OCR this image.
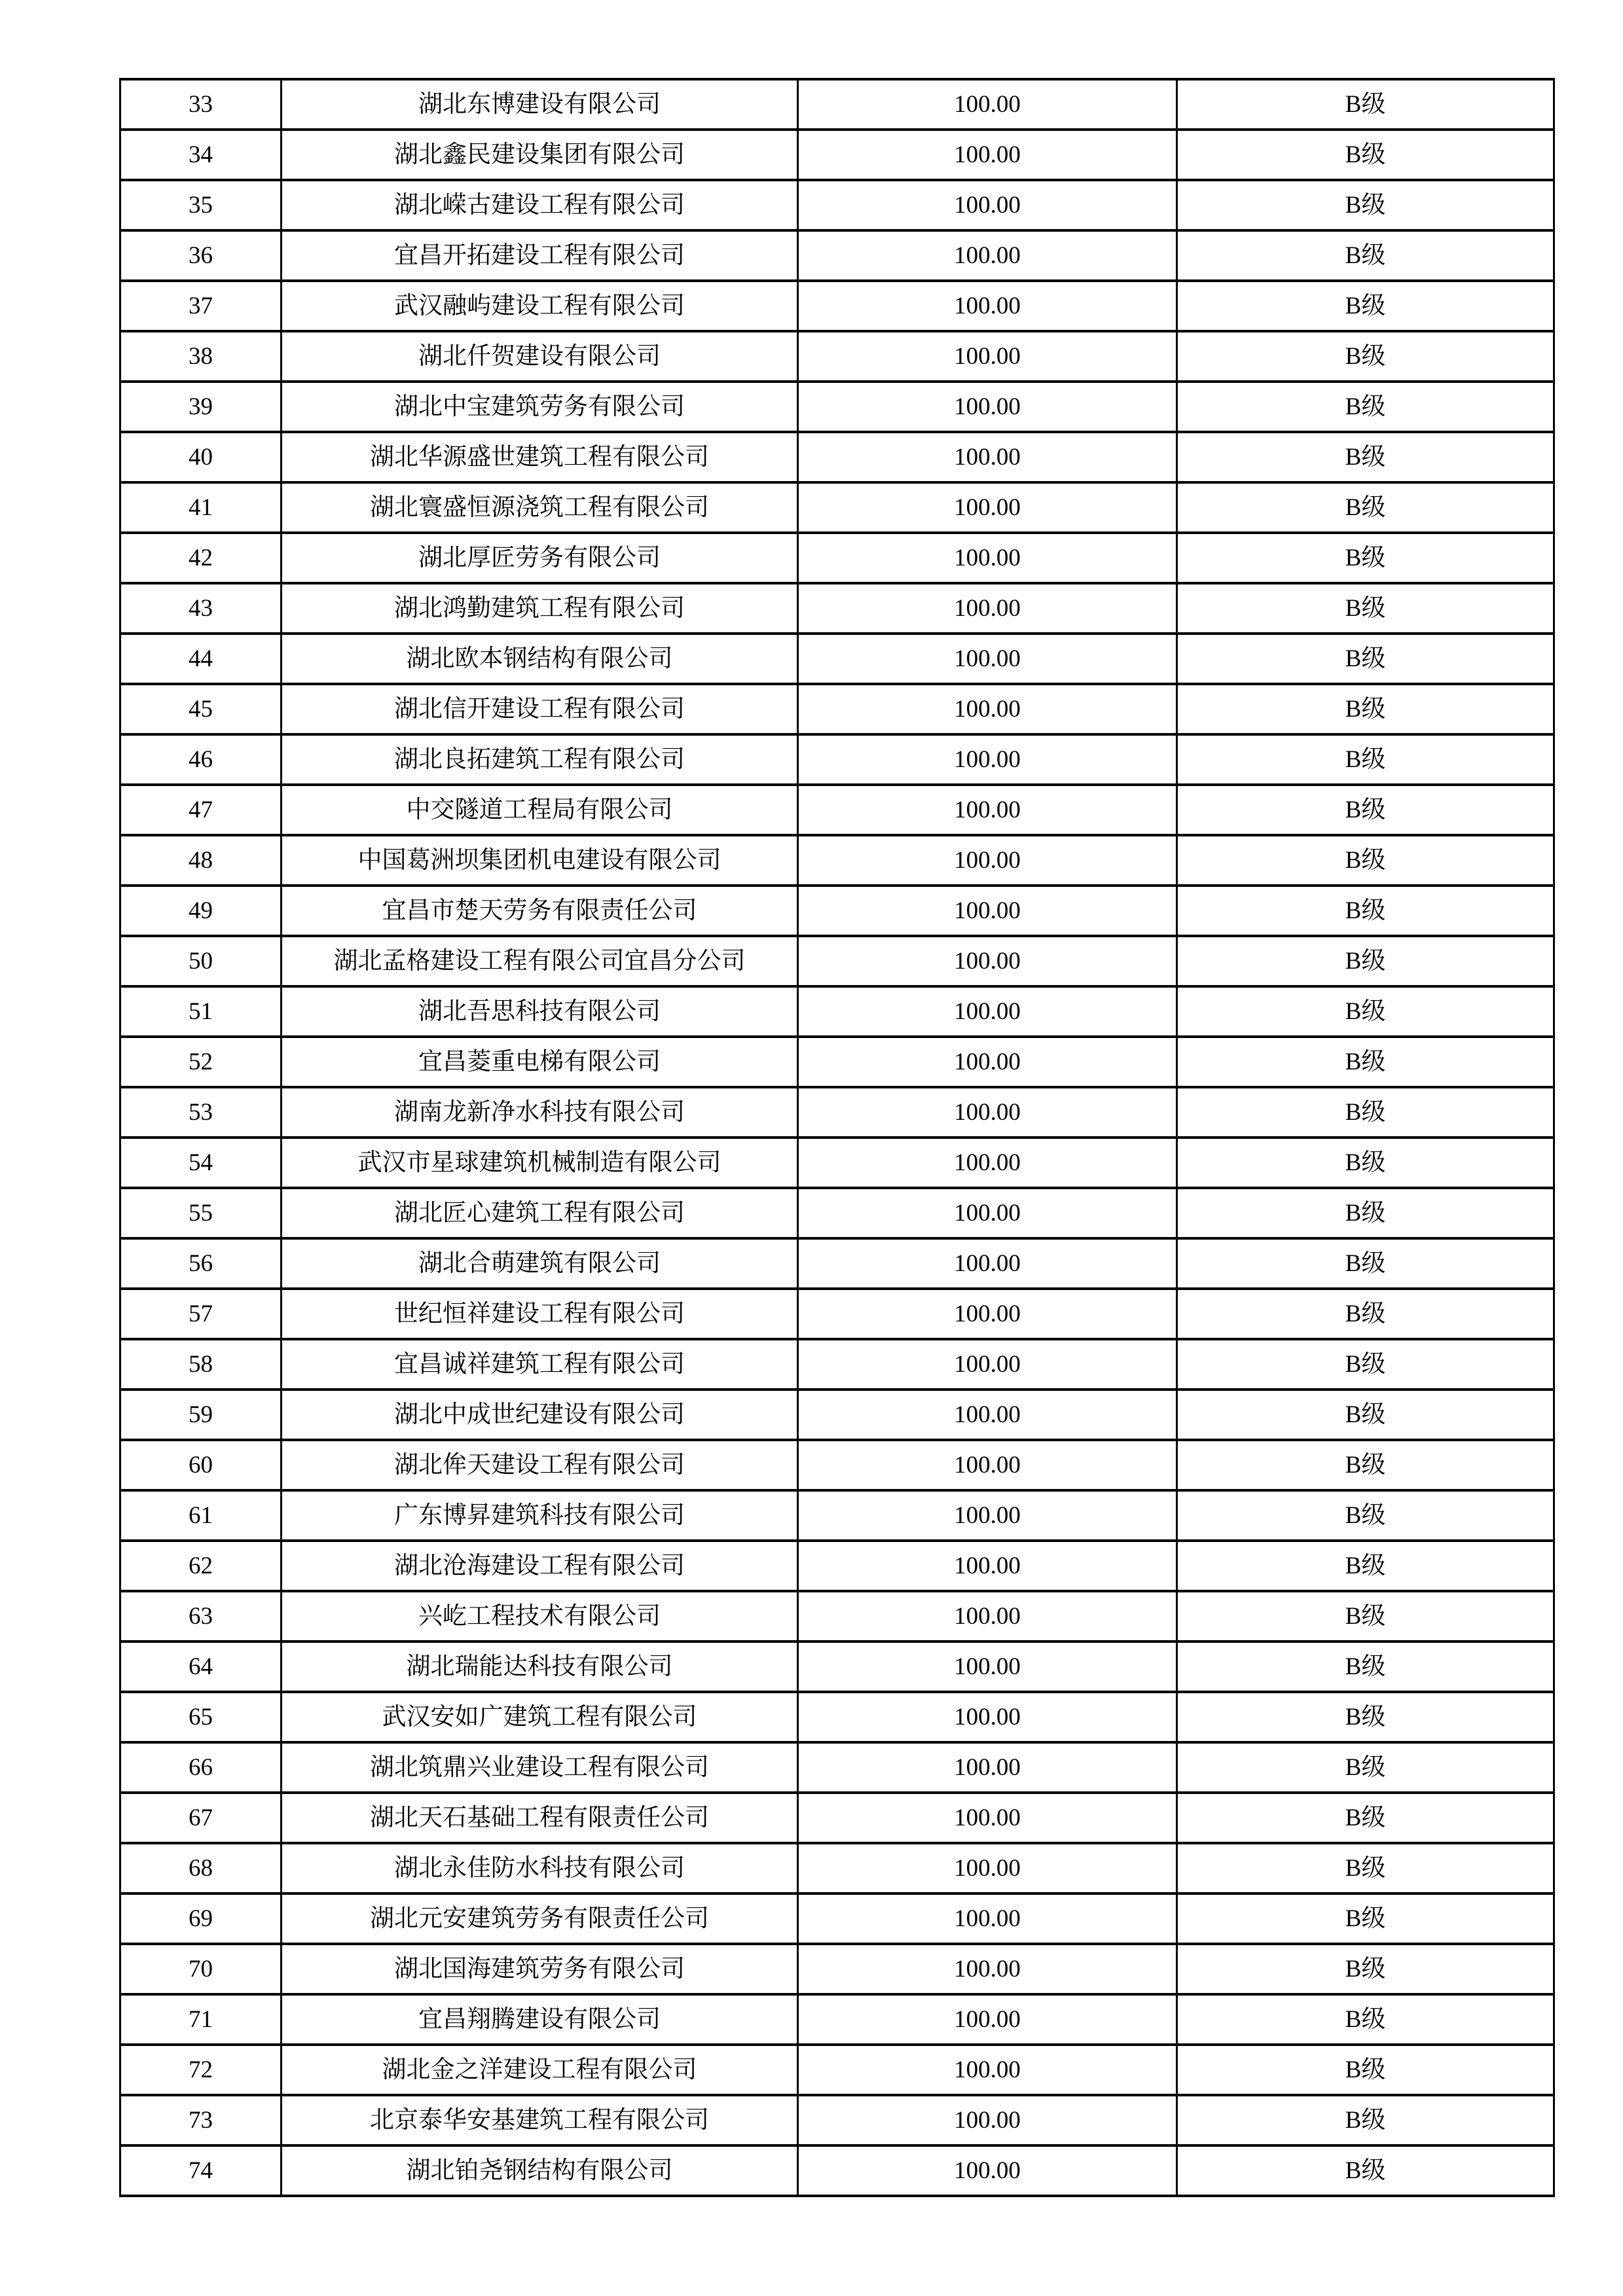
33	湖北东博建设有限公司	100.00	B级
34	湖北鑫民建设集团有限公司	100.00	B级
35	湖北嵘古建设工程有限公司	100.00	B级
36	宜昌开拓建设工程有限公司	100.00	B级
37	武汉融屿建设工程有限公司	100.00	B级
38	湖北仟贺建设有限公司	100.00	B级
39	湖北中宝建筑劳务有限公司	100.00	B级
40	湖北华源盛世建筑工程有限公司	100.00	B级
41	湖北寰盛恒源浇筑工程有限公司	100.00	B级
42	湖北厚匠劳务有限公司	100.00	B级
43	湖北鸿勤建筑工程有限公司	100.00	B级
44	湖北欧本钢结构有限公司	100.00	B级
45	湖北信开建设工程有限公司	100.00	B级
46	湖北良拓建筑工程有限公司	100.00	B级
47	中交隧道工程局有限公司	100.00	B级
48	中国葛洲坝集团机电建设有限公司	100.00	B级
49	宜昌市楚天劳务有限责任公司	100.00	B级
50	湖北孟格建设工程有限公司宜昌分公司	100.00	B级
51	湖北吾思科技有限公司	100.00	B级
52	宜昌菱重电梯有限公司	100.00	B级
53	湖南龙新净水科技有限公司	100.00	B级
54	武汉市星球建筑机械制造有限公司	100.00	B级
55	湖北匠心建筑工程有限公司	100.00	B级
56	湖北合萌建筑有限公司	100.00	B级
57	世纪恒祥建设工程有限公司	100.00	B级
58	宜昌诚祥建筑工程有限公司	100.00	B级
59	湖北中成世纪建设有限公司	100.00	B级
60	湖北侔天建设工程有限公司	100.00	B级
61	广东博昇建筑科技有限公司	100.00	B级
62	湖北沧海建设工程有限公司	100.00	B级
63	兴屹工程技术有限公司	100.00	B级
64	湖北瑞能达科技有限公司	100.00	B级
65	武汉安如广建筑工程有限公司	100.00	B级
66	湖北筑鼎兴业建设工程有限公司	100.00	B级
67	湖北天石基础工程有限责任公司	100.00	B级
68	湖北永佳防水科技有限公司	100.00	B级
69	湖北元安建筑劳务有限责任公司	100.00	B级
70	湖北国海建筑劳务有限公司	100.00	B级
71	宜昌翔腾建设有限公司	100.00	B级
72	湖北金之洋建设工程有限公司	100.00	B级
73	北京泰华安基建筑工程有限公司	100.00	B级
74	湖北铂尧钢结构有限公司	100.00	B级
